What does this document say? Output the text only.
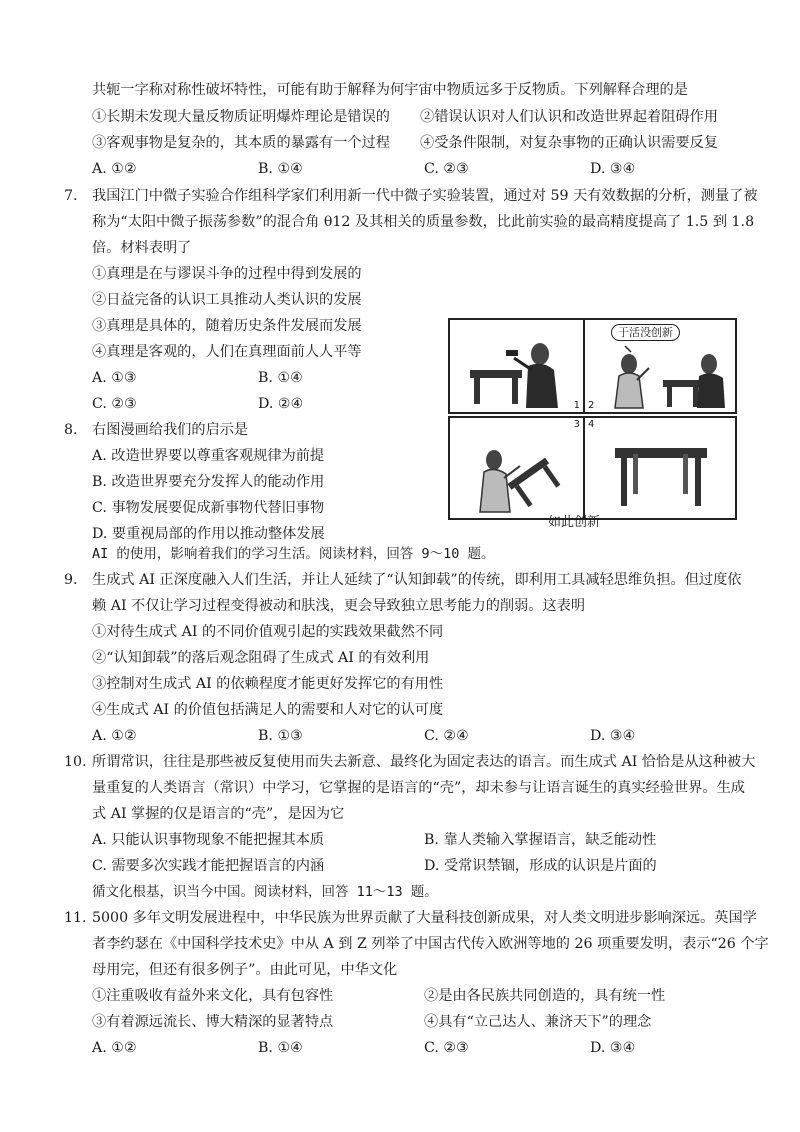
共轭一字称对称性破坏特性，可能有助于解释为何宇宙中物质远多于反物质。下列解释合理的是
①长期未发现大量反物质证明爆炸理论是错误的 ②错误认识对人们认识和改造世界起着阻碍作用
③客观事物是复杂的，其本质的暴露有一个过程 ④受条件限制，对复杂事物的正确认识需要反复
A. ①②	B. ①④	C. ②③	D. ③④
7. 我国江门中微子实验合作组科学家们利用新一代中微子实验装置，通过对 59 天有效数据的分析，测量了被
称为“太阳中微子振荡参数”的混合角 θ12 及其相关的质量参数，比此前实验的最高精度提高了 1.5 到 1.8
倍。材料表明了
①真理是在与谬误斗争的过程中得到发展的
②日益完备的认识工具推动人类认识的发展
③真理是具体的，随着历史条件发展而发展
④真理是客观的，人们在真理面前人人平等
A. ①③	B. ①④
C. ②③	D. ②④
8. 右图漫画给我们的启示是
A. 改造世界要以尊重客观规律为前提
B. 改造世界要充分发挥人的能动作用
C. 事物发展要促成新事物代替旧事物
D. 要重视局部的作用以推动整体发展
1
于活没创新
2
3 4
如此创新
AI 的使用，影响着我们的学习生活。阅读材料，回答 9～10 题。
9. 生成式 AI 正深度融入人们生活，并让人延续了“认知卸载”的传统，即利用工具减轻思维负担。但过度依
赖 AI 不仅让学习过程变得被动和肤浅，更会导致独立思考能力的削弱。这表明
①对待生成式 AI 的不同价值观引起的实践效果截然不同
②“认知卸载”的落后观念阻碍了生成式 AI 的有效利用
③控制对生成式 AI 的依赖程度才能更好发挥它的有用性
④生成式 AI 的价值包括满足人的需要和人对它的认可度
A. ①②	B. ①③	C. ②④	D. ③④
10. 所谓常识，往往是那些被反复使用而失去新意、最终化为固定表达的语言。而生成式 AI 恰恰是从这种被大
量重复的人类语言（常识）中学习，它掌握的是语言的“壳”，却未参与让语言诞生的真实经验世界。生成
式 AI 掌握的仅是语言的“壳”，是因为它
A. 只能认识事物现象不能把握其本质	B. 靠人类输入掌握语言，缺乏能动性
C. 需要多次实践才能把握语言的内涵	D. 受常识禁锢，形成的认识是片面的
循文化根基，识当今中国。阅读材料，回答 11～13 题。
11. 5000 多年文明发展进程中，中华民族为世界贡献了大量科技创新成果，对人类文明进步影响深远。英国学
者李约瑟在《中国科学技术史》中从 A 到 Z 列举了中国古代传入欧洲等地的 26 项重要发明，表示“26 个字
母用完，但还有很多例子”。由此可见，中华文化
①注重吸收有益外来文化，具有包容性	②是由各民族共同创造的，具有统一性
③有着源远流长、博大精深的显著特点	④具有“立己达人、兼济天下”的理念
A. ①②	B. ①④	C. ②③	D. ③④
